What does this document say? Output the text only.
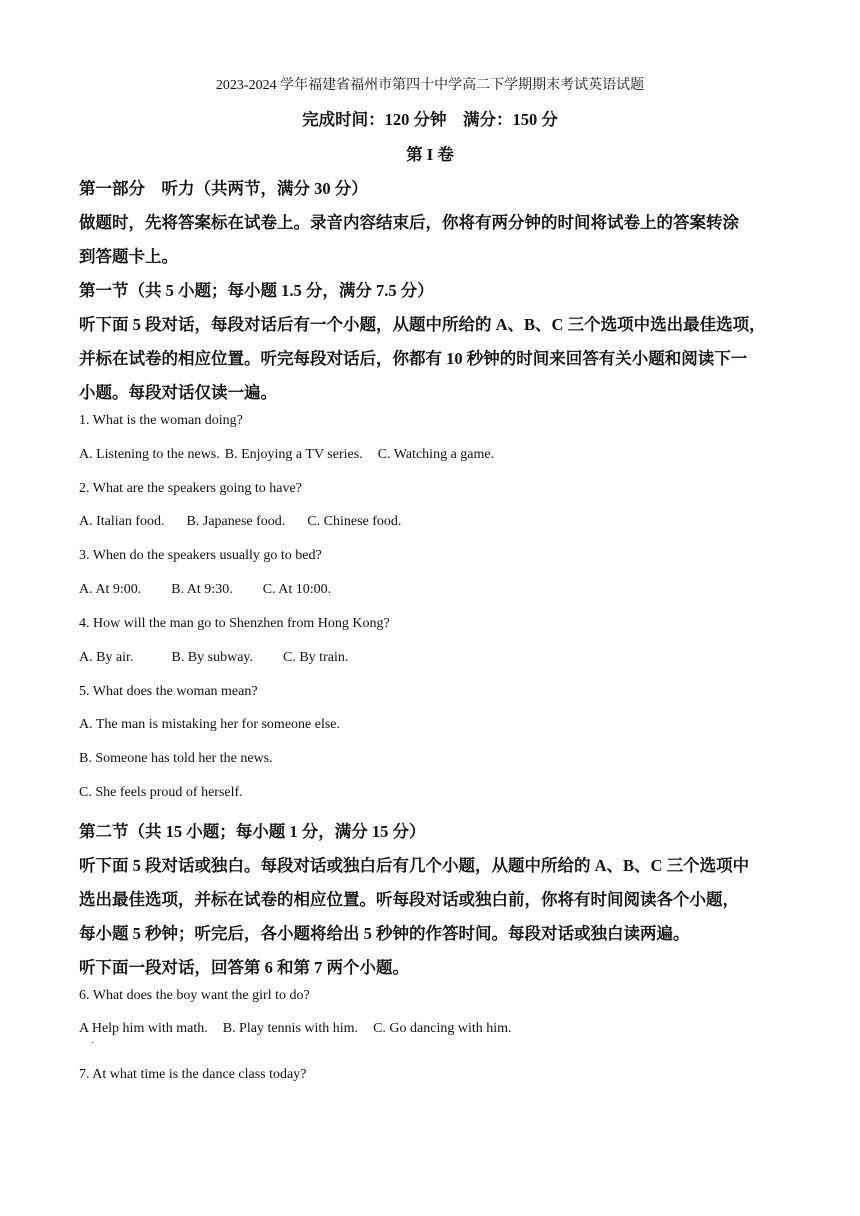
2023-2024 学年福建省福州市第四十中学高二下学期期末考试英语试题
完成时间：120 分钟　满分：150 分
第 I 卷
第一部分　听力（共两节，满分 30 分）
做题时，先将答案标在试卷上。录音内容结束后，你将有两分钟的时间将试卷上的答案转涂
到答题卡上。
第一节（共 5 小题；每小题 1.5 分，满分 7.5 分）
听下面 5 段对话，每段对话后有一个小题，从题中所给的 A、B、C 三个选项中选出最佳选项，
并标在试卷的相应位置。听完每段对话后，你都有 10 秒钟的时间来回答有关小题和阅读下一
小题。每段对话仅读一遍。
1. What is the woman doing?
A. Listening to the news. B. Enjoying a TV series. C. Watching a game.
2. What are the speakers going to have?
A. Italian food. B. Japanese food. C. Chinese food.
3. When do the speakers usually go to bed?
A. At 9:00. B. At 9:30. C. At 10:00.
4. How will the man go to Shenzhen from Hong Kong?
A. By air.	B. By subway. C. By train.
5. What does the woman mean?
A. The man is mistaking her for someone else.
B. Someone has told her the news.
C. She feels proud of herself.
第二节（共 15 小题；每小题 1 分，满分 15 分）
听下面 5 段对话或独白。每段对话或独白后有几个小题，从题中所给的 A、B、C 三个选项中
选出最佳选项，并标在试卷的相应位置。听每段对话或独白前，你将有时间阅读各个小题，
每小题 5 秒钟；听完后，各小题将给出 5 秒钟的作答时间。每段对话或独白读两遍。
听下面一段对话，回答第 6 和第 7 两个小题。
6. What does the boy want the girl to do?
A Help him with math. B. Play tennis with him. C. Go dancing with him.
·
7. At what time is the dance class today?
